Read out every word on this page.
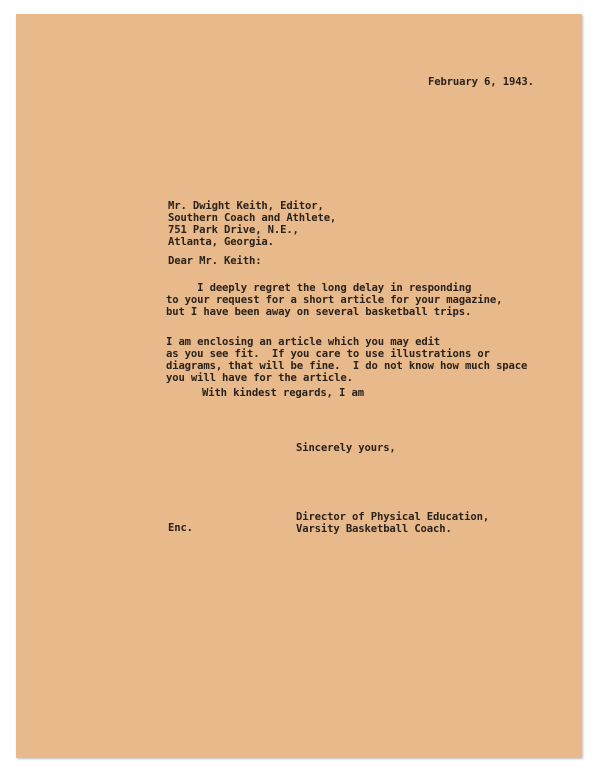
February 6, 1943.
Mr. Dwight Keith, Editor,
Southern Coach and Athlete,
751 Park Drive, N.E.,
Atlanta, Georgia.
Dear Mr. Keith:
I deeply regret the long delay in responding
to your request for a short article for your magazine,
but I have been away on several basketball trips.
I am enclosing an article which you may edit
as you see fit.  If you care to use illustrations or
diagrams, that will be fine.  I do not know how much space
you will have for the article.
With kindest regards, I am
Sincerely yours,
Director of Physical Education,
Varsity Basketball Coach.
Enc.
